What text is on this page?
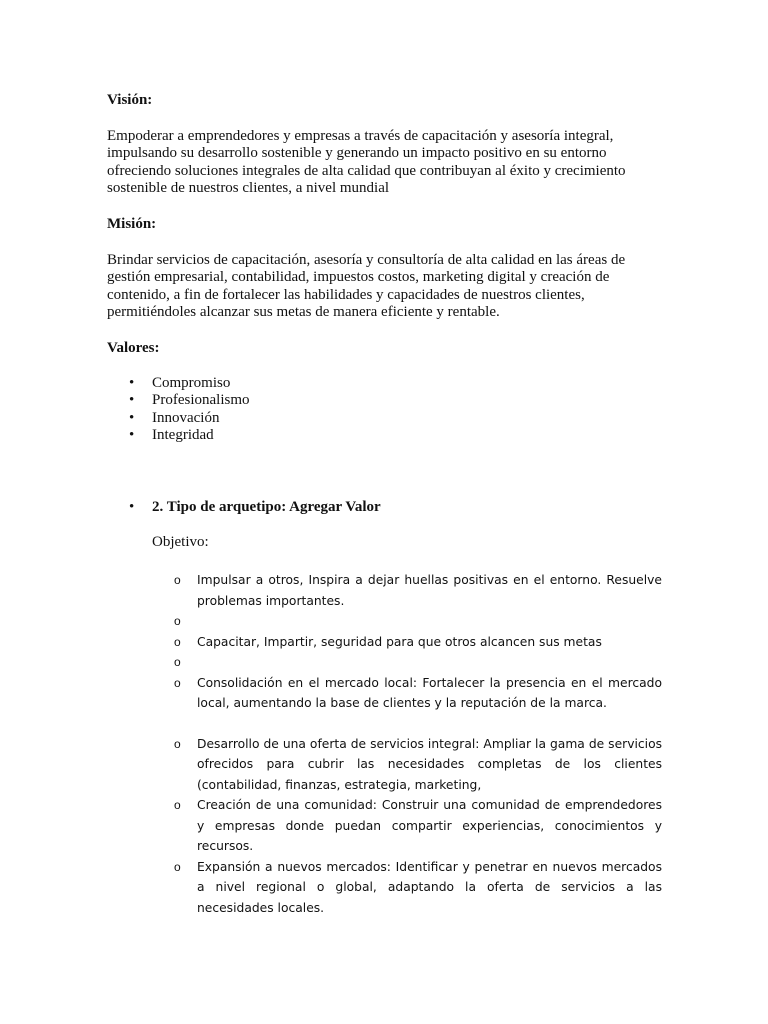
Visión:

Empoderar a emprendedores y empresas a través de capacitación y asesoría integral, impulsando su desarrollo sostenible y generando un impacto positivo en su entorno ofreciendo soluciones integrales de alta calidad que contribuyan al éxito y crecimiento sostenible de nuestros clientes, a nivel mundial

Misión:

Brindar servicios de capacitación, asesoría y consultoría de alta calidad en las áreas de gestión empresarial, contabilidad, impuestos costos, marketing digital y creación de contenido, a fin de fortalecer las habilidades y capacidades de nuestros clientes, permitiéndoles alcanzar sus metas de manera eficiente y rentable.

Valores:
• Compromiso
• Profesionalismo
• Innovación
• Integridad
• 2. Tipo de arquetipo: Agregar Valor
Objetivo:
o Impulsar a otros, Inspira a dejar huellas positivas en el entorno. Resuelve problemas importantes.
o
o Capacitar, Impartir, seguridad para que otros alcancen sus metas
o
o Consolidación en el mercado local: Fortalecer la presencia en el mercado local, aumentando la base de clientes y la reputación de la marca.
o Desarrollo de una oferta de servicios integral: Ampliar la gama de servicios ofrecidos para cubrir las necesidades completas de los clientes (contabilidad, finanzas, estrategia, marketing,
o Creación de una comunidad: Construir una comunidad de emprendedores y empresas donde puedan compartir experiencias, conocimientos y recursos.
o Expansión a nuevos mercados: Identificar y penetrar en nuevos mercados a nivel regional o global, adaptando la oferta de servicios a las necesidades locales.
